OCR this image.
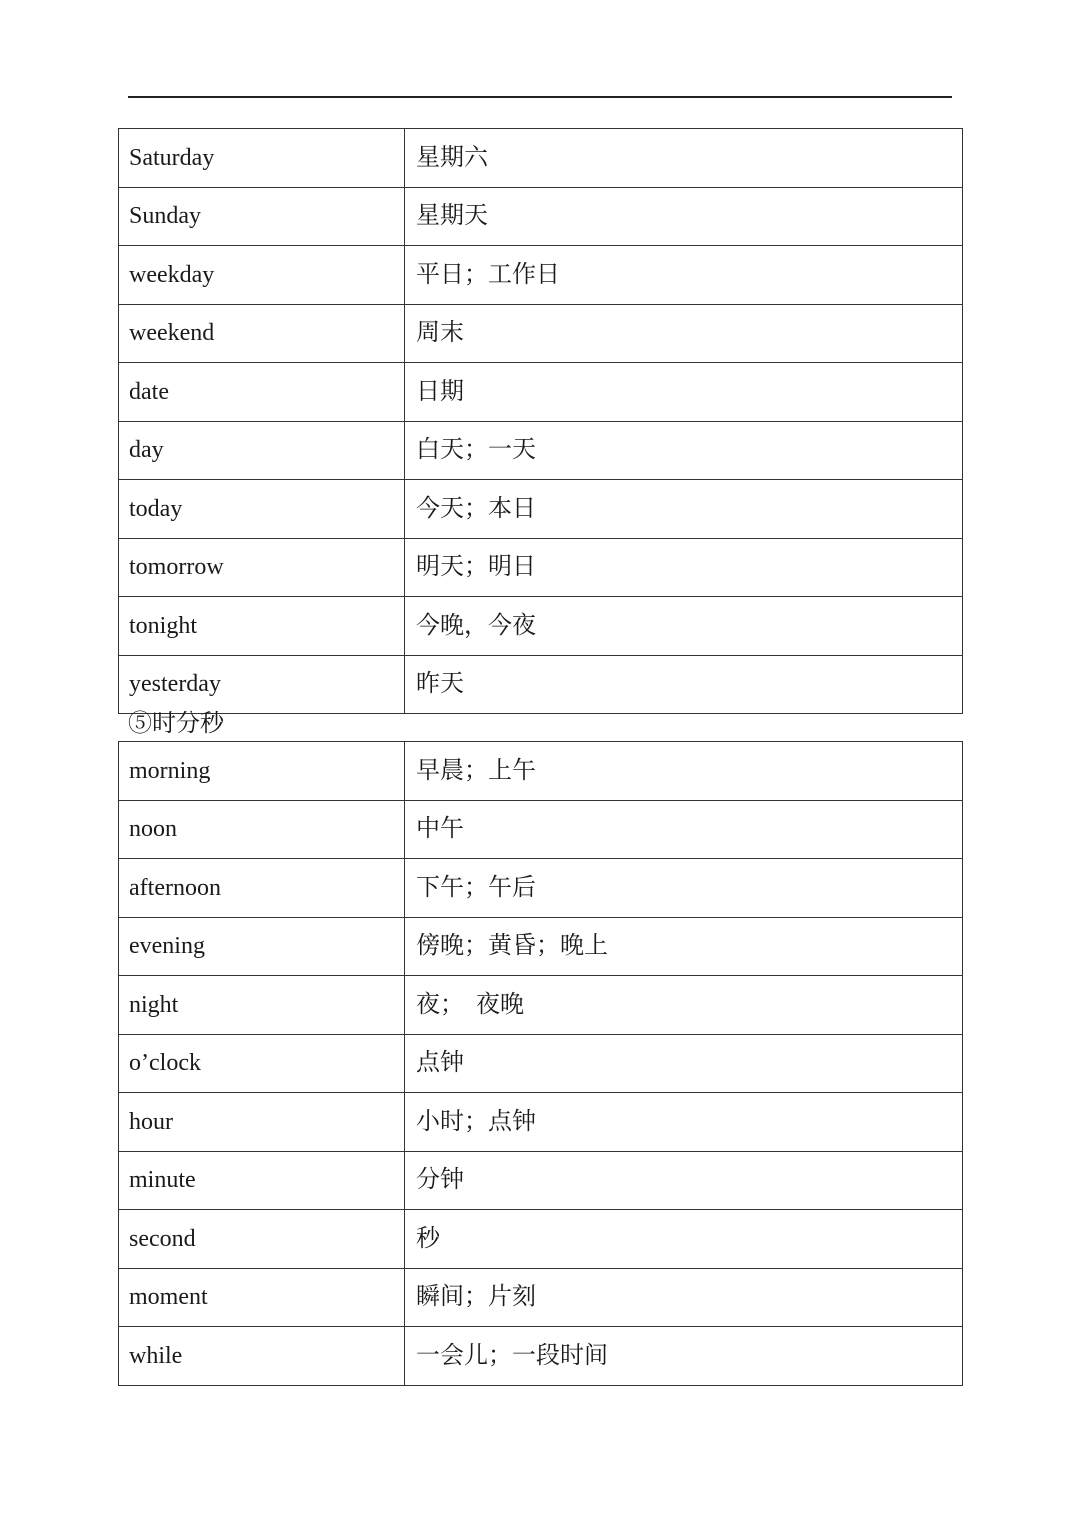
Saturday	星期六
Sunday	星期天
weekday	平日；工作日
weekend	周末
date	日期
day	白天；一天
today	今天；本日
tomorrow	明天；明日
tonight	今晚，今夜
yesterday	昨天
⑤时分秒
morning	早晨；上午
noon	中午
afternoon	下午；午后
evening	傍晚；黄昏；晚上
night	夜；  夜晚
o’clock	点钟
hour	小时；点钟
minute	分钟
second	秒
moment	瞬间；片刻
while	一会儿；一段时间
